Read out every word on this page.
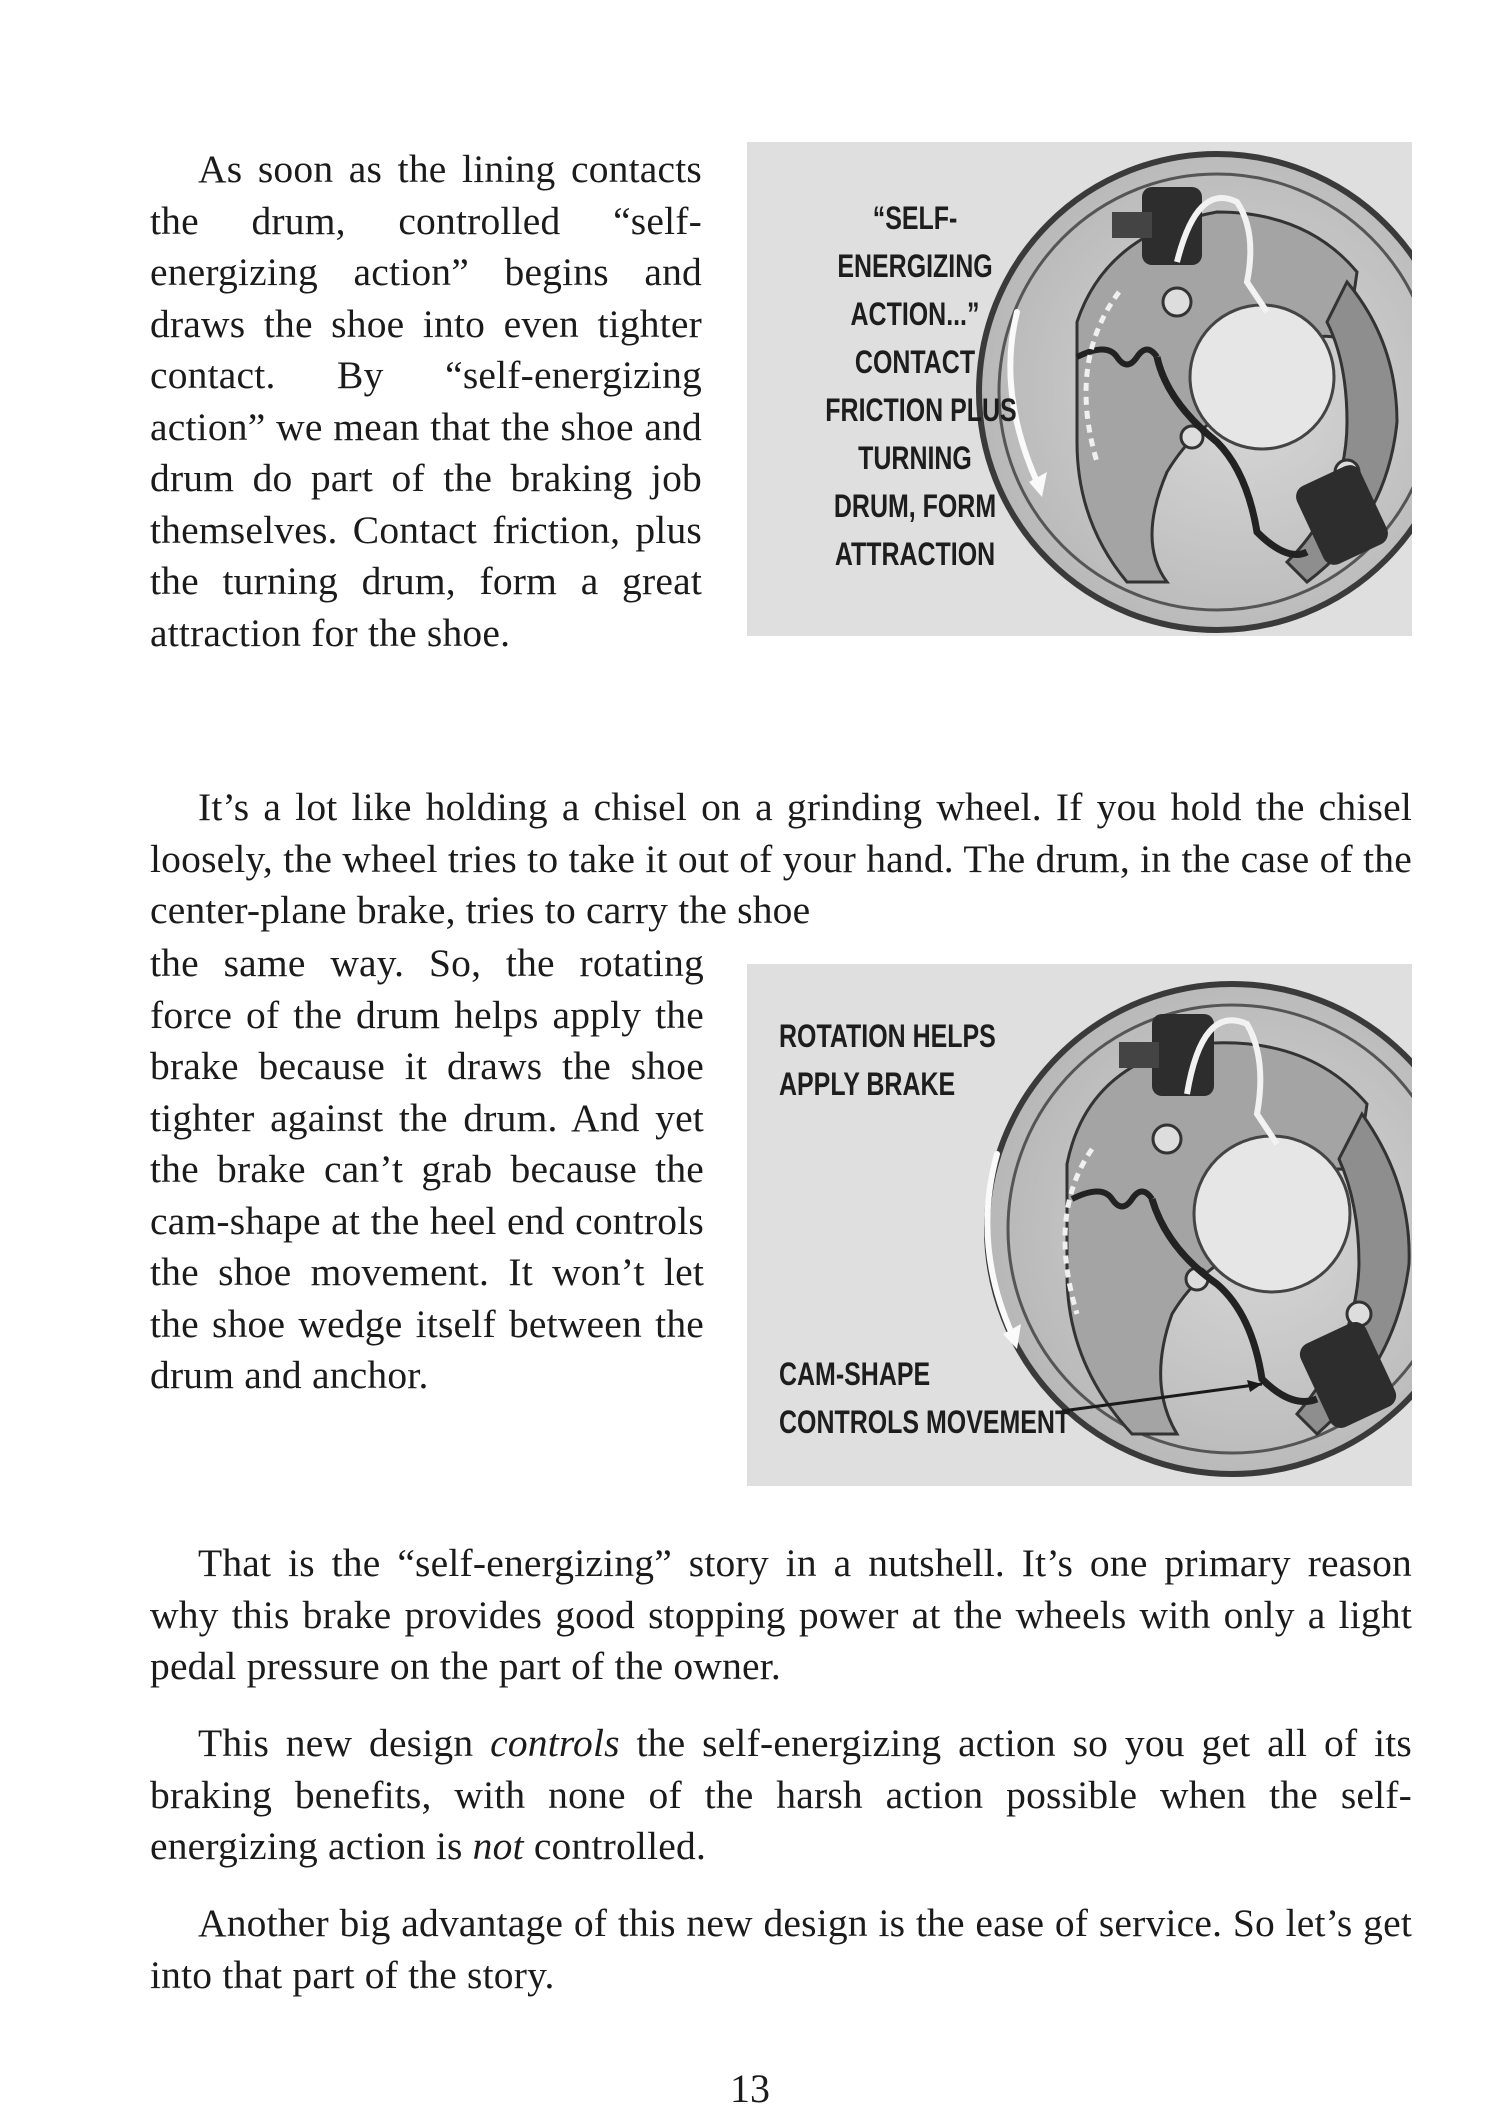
As soon as the lining contacts the drum, controlled “self-energizing action” begins and draws the shoe into even tighter contact. By “self-energizing action” we mean that the shoe and drum do part of the braking job themselves. Contact friction, plus the turning drum, form a great attraction for the shoe.

“SELF-
ENERGIZING
ACTION...”
CONTACT
FRICTION PLUS
TURNING
DRUM, FORM
ATTRACTION

It’s a lot like holding a chisel on a grinding wheel. If you hold the chisel loosely, the wheel tries to take it out of your hand. The drum, in the case of the center-plane brake, tries to carry the shoe

the same way. So, the rotating force of the drum helps apply the brake because it draws the shoe tighter against the drum. And yet the brake can’t grab because the cam-shape at the heel end controls the shoe movement. It won’t let the shoe wedge itself between the drum and anchor.

ROTATION HELPS
APPLY BRAKE
CAM-SHAPE
CONTROLS MOVEMENT

That is the “self-energizing” story in a nutshell. It’s one primary reason why this brake provides good stopping power at the wheels with only a light pedal pressure on the part of the owner.

This new design controls the self-energizing action so you get all of its braking benefits, with none of the harsh action possible when the self-energizing action is not controlled.

Another big advantage of this new design is the ease of service. So let’s get into that part of the story.

13
